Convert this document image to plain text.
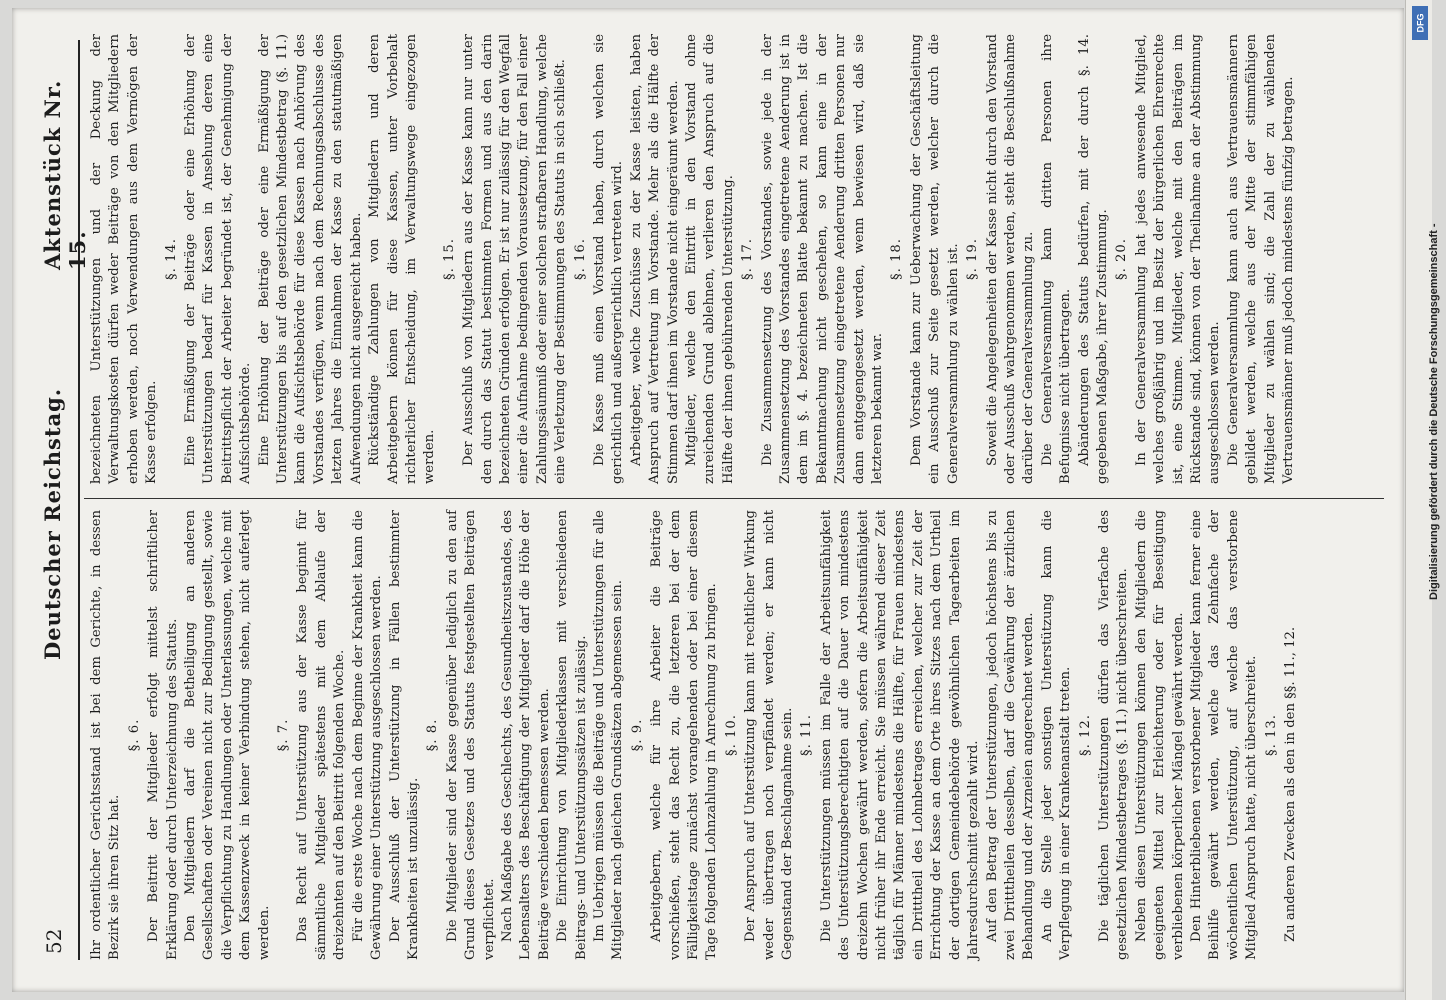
52
Deutscher Reichstag.
Aktenstück Nr. 15.

Ihr ordentlicher Gerichtsstand ist bei dem Gerichte, in dessen Bezirk sie ihren Sitz hat.

§. 6. Der Beitritt der Mitglieder erfolgt mittelst schriftlicher Erklärung oder durch Unterzeichnung des Statuts. Den Mitgliedern darf die Betheiligung an anderen Gesellschaften oder Vereinen nicht zur Bedingung gestellt, sowie die Verpflichtung zu Handlungen oder Unterlassungen, welche mit dem Kassenzweck in keiner Verbindung stehen, nicht auferlegt werden.

§. 7. Das Recht auf Unterstützung aus der Kasse beginnt für sämmtliche Mitglieder spätestens mit dem Ablaufe der dreizehnten auf den Beitritt folgenden Woche. Für die erste Woche nach dem Beginne der Krankheit kann die Gewährung einer Unterstützung ausgeschlossen werden. Der Ausschluß der Unterstützung in Fällen bestimmter Krankheiten ist unzulässig.

§. 8. Die Mitglieder sind der Kasse gegenüber lediglich zu den auf Grund dieses Gesetzes und des Statuts festgestellten Beiträgen verpflichtet. Nach Maßgabe des Geschlechts, des Gesundheitszustandes, des Lebensalters des Beschäftigung der Mitglieder darf die Höhe der Beiträge verschieden bemessen werden. Die Einrichtung von Mitgliederklassen mit verschiedenen Beitrags- und Unterstützungssätzen ist zulässig. Im Uebrigen müssen die Beiträge und Unterstützungen für alle Mitglieder nach gleichen Grundsätzen abgemessen sein. §. 9. Arbeitgebern, welche für ihre Arbeiter die Beiträge vorschießen, steht das Recht zu, die letzteren bei der dem Fälligkeitstage zunächst vorangehenden oder bei einer diesem Tage folgenden Lohnzahlung in Anrechnung zu bringen. §. 10. Der Anspruch auf Unterstützung kann mit rechtlicher Wirkung weder übertragen noch verpfändet werden; er kann nicht Gegenstand der Beschlagnahme sein. §. 11. Die Unterstützungen müssen im Falle der Arbeitsunfähigkeit des Unterstützungsberechtigten auf die Dauer von mindestens dreizehn Wochen gewährt werden, sofern die Arbeitsunfähigkeit nicht früher ihr Ende erreicht. Sie müssen während dieser Zeit täglich für Männer mindestens die Hälfte, für Frauen mindestens ein Dritttheil des Lohnbetrages erreichen, welcher zur Zeit der Errichtung der Kasse an dem Orte ihres Sitzes nach dem Urtheil der dortigen Gemeindebehörde gewöhnlichen Tagearbeiten im Jahresdurchschnitt gezahlt wird. Auf den Betrag der Unterstützungen, jedoch höchstens bis zu zwei Dritttheilen desselben, darf die Gewährung der ärztlichen Behandlung und der Arzneien angerechnet werden. An die Stelle jeder sonstigen Unterstützung kann die Verpflegung in einer Krankenanstalt treten. §. 12. Die täglichen Unterstützungen dürfen das Vierfache des gesetzlichen Mindestbetrages (§. 11.) nicht überschreiten. Neben diesen Unterstützungen können den Mitgliedern die geeigneten Mittel zur Erleichterung oder für Beseitigung verbliebenen körperlicher Mängel gewährt werden. Den Hinterbliebenen verstorbener Mitglieder kann ferner eine Beihilfe gewährt werden, welche das Zehnfache der wöchentlichen Unterstützung, auf welche das verstorbene Mitglied Anspruch hatte, nicht überschreitet. §. 13. Zu anderen Zwecken als den in den §§. 11., 12.

bezeichneten Unterstützungen und der Deckung der Verwaltungskosten dürfen weder Beiträge von den Mitgliedern erhoben werden, noch Verwendungen aus dem Vermögen der Kasse erfolgen.

§. 14. Eine Ermäßigung der Beiträge oder eine Erhöhung der Unterstützungen bedarf für Kassen in Ansehung deren eine Beitrittspflicht der Arbeiter begründet ist, der Genehmigung der Aufsichtsbehörde. Eine Erhöhung der Beiträge oder eine Ermäßigung der Unterstützungen bis auf den gesetzlichen Mindestbetrag (§. 11.) kann die Aufsichtsbehörde für diese Kassen nach Anhörung des Vorstandes verfügen, wenn nach dem Rechnungsabschlusse des letzten Jahres die Einnahmen der Kasse zu den statutmäßigen Aufwendungen nicht ausgereicht haben. Rückständige Zahlungen von Mitgliedern und deren Arbeitgebern können für diese Kassen, unter Vorbehalt richterlicher Entscheidung, im Verwaltungswege eingezogen werden.

§. 15. Der Ausschluß von Mitgliedern aus der Kasse kann nur unter den durch das Statut bestimmten Formen und aus den darin bezeichneten Gründen erfolgen. Er ist nur zulässig für den Wegfall einer die Aufnahme bedingenden Voraussetzung, für den Fall einer Zahlungssäumniß oder einer solchen strafbaren Handlung, welche eine Verletzung der Bestimmungen des Statuts in sich schließt. §. 16. Die Kasse muß einen Vorstand haben, durch welchen sie gerichtlich und außergerichtlich vertreten wird. Arbeitgeber, welche Zuschüsse zu der Kasse leisten, haben Anspruch auf Vertretung im Vorstande. Mehr als die Hälfte der Stimmen darf ihnen im Vorstande nicht eingeräumt werden. Mitglieder, welche den Eintritt in den Vorstand ohne zureichenden Grund ablehnen, verlieren den Anspruch auf die Hälfte der ihnen gebührenden Unterstützung. §. 17. Die Zusammensetzung des Vorstandes, sowie jede in der Zusammensetzung des Vorstandes eingetretene Aenderung ist in dem im §. 4. bezeichneten Blatte bekannt zu machen. Ist die Bekanntmachung nicht geschehen, so kann eine in der Zusammensetzung eingetretene Aenderung dritten Personen nur dann entgegengesetzt werden, wenn bewiesen wird, daß sie letzteren bekannt war.

§. 18. Dem Vorstande kann zur Ueberwachung der Geschäftsleitung ein Ausschuß zur Seite gesetzt werden, welcher durch die Generalversammlung zu wählen ist. §. 19. Soweit die Angelegenheiten der Kasse nicht durch den Vorstand oder Ausschuß wahrgenommen werden, steht die Beschlußnahme darüber der Generalversammlung zu. Die Generalversammlung kann dritten Personen ihre Befugnisse nicht übertragen. Abänderungen des Statuts bedürfen, mit der durch §. 14. gegebenen Maßgabe, ihrer Zustimmung. §. 20. In der Generalversammlung hat jedes anwesende Mitglied, welches großjährig und im Besitz der bürgerlichen Ehrenrechte ist, eine Stimme. Mitglieder, welche mit den Beiträgen im Rückstande sind, können von der Theilnahme an der Abstimmung ausgeschlossen werden. Die Generalversammlung kann auch aus Vertrauensmännern gebildet werden, welche aus der Mitte der stimmfähigen Mitglieder zu wählen sind; die Zahl der zu wählenden Vertrauensmänner muß jedoch mindestens fünfzig betragen.

DFG
Digitalisierung gefördert durch die Deutsche Forschungsgemeinschaft -
